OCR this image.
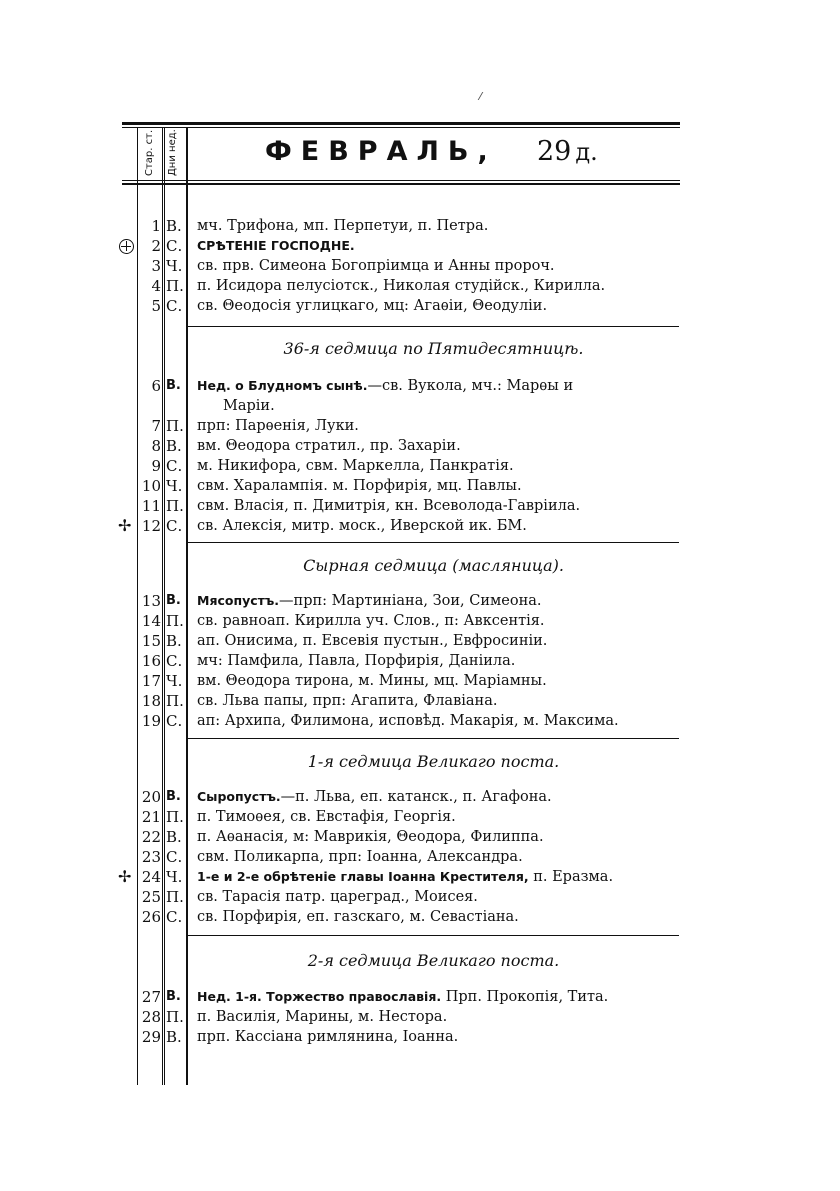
Стар. ст. Дни нед.	ФЕВРАЛЬ, 29 д.
1 В. мч. Трифона, мп. Перпетуи, п. Петра.
2 С.	СРѢТЕНІЕ ГОСПОДНЕ.
3 Ч. св. прв. Симеона Богопріимца и Анны пророч.
4 П. п. Исидора пелусіотск., Николая студійск., Кирилла.
5 С. св. Θеодосія углицкаго, мц: Агаѳіи, Θеодуліи.
6 В.	Нед. о Блудномъ сынѣ.—св. Вукола, мч.: Марѳы и
Маріи.
7 П. прп: Парѳенія, Луки.
8 В. вм. Θеодора стратил., пр. Захаріи.
9 С. м. Никифора, свм. Маркелла, Панкратія.
10 Ч. свм. Харалампія. м. Порфирія, мц. Павлы.
11 П. свм. Власія, п. Димитрія, кн. Всеволода-Гавріила.
12 С. св. Алексія, митр. моск., Иверской ик. БМ.
✢
13 В.	Мясопустъ.—прп: Мартиніана, Зои, Симеона.
14 П. св. равноап. Кирилла уч. Слов., п: Авксентія.
15 В. ап. Онисима, п. Евсевія пустын., Евфросиніи.
16 С. мч: Памфила, Павла, Порфирія, Даніила.
17 Ч. вм. Θеодора тирона, м. Мины, мц. Маріамны.
18 П. св. Льва папы, прп: Агапита, Флавіана.
19 С. ап: Архипа, Филимона, исповѣд. Макарія, м. Максима.
20 В.	Сыропустъ.—п. Льва, еп. катанск., п. Агафона.
21 П. п. Тимоѳея, св. Евстафія, Георгія.
22 В. п. Аѳанасія, м: Маврикія, Θеодора, Филиппа.
23 С. свм. Поликарпа, прп: Іоанна, Александра.
24 Ч. 1-е и 2-е обрѣтеніе главы Іоанна Крестителя, п. Еразма.
✢
25 П. св. Тарасія патр. цареград., Моисея.
26 С. св. Порфирія, еп. газскаго, м. Севастіана.
27 В.	Нед. 1-я. Торжество православія. Прп. Прокопія, Тита.
28 П. п. Василія, Марины, м. Нестора.
29 В. прп. Кассіана римлянина, Іоанна.
36-я седмица по Пятидесятницѣ.
Сырная седмица (масляница).
1-я седмица Великаго поста.
2-я седмица Великаго поста.
